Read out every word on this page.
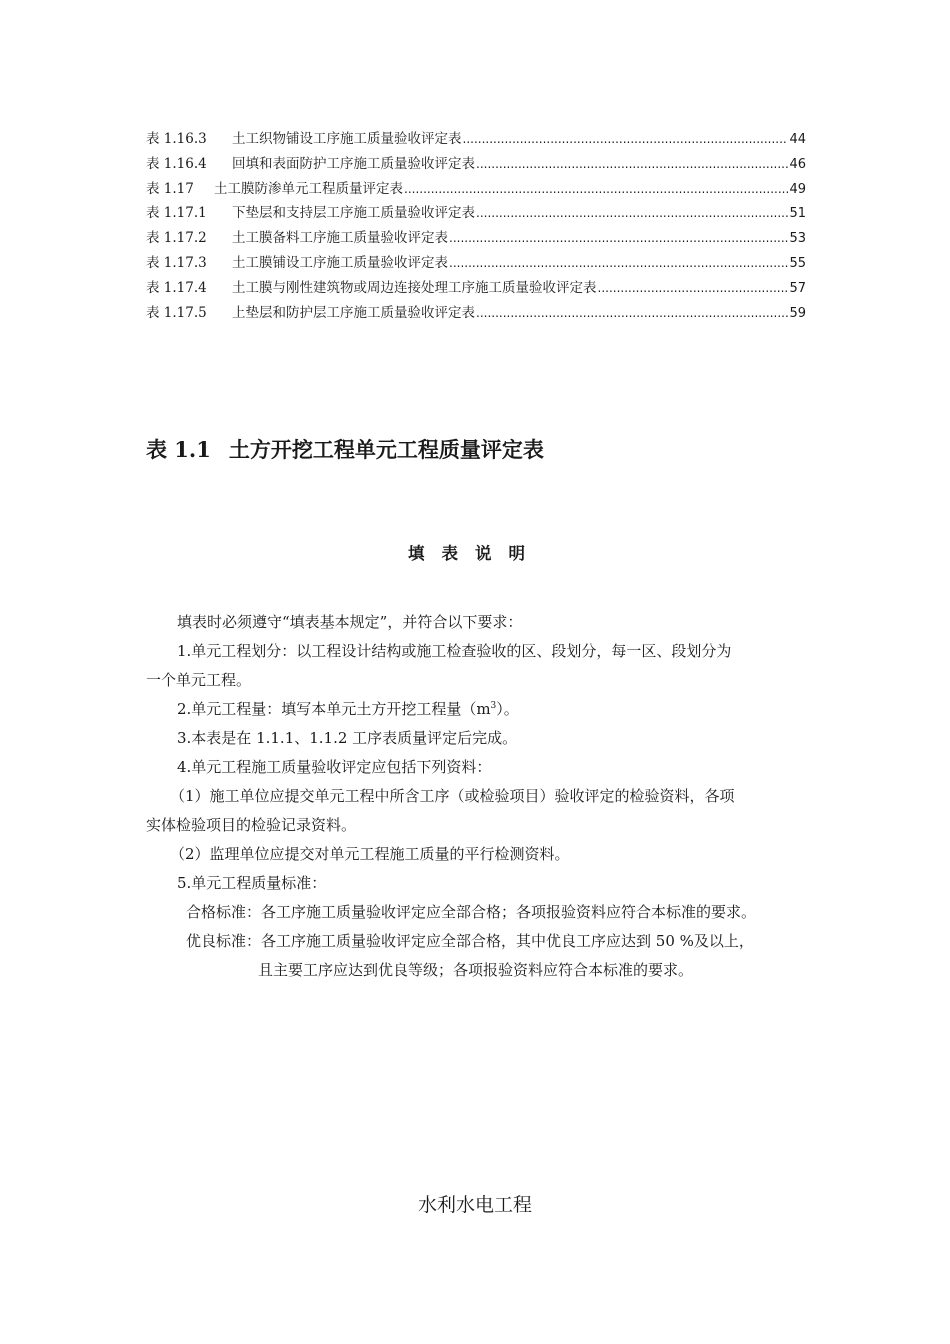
表 1.16.3	土工织物铺设工序施工质量验收评定表 .....	44
表 1.16.4	回填和表面防护工序施工质量验收评定表 .....	46
表 1.17	土工膜防渗单元工程质量评定表 .....	49
表 1.17.1	下垫层和支持层工序施工质量验收评定表 .....	51
表 1.17.2	土工膜备料工序施工质量验收评定表 .....	53
表 1.17.3	土工膜铺设工序施工质量验收评定表 .....	55
表 1.17.4	土工膜与刚性建筑物或周边连接处理工序施工质量验收评定表 .....	57
表 1.17.5	上垫层和防护层工序施工质量验收评定表 .....	59
表 1.1 土方开挖工程单元工程质量评定表
填表说明
填表时必须遵守“填表基本规定”，并符合以下要求：
1.单元工程划分：以工程设计结构或施工检查验收的区、段划分，每一区、段划分为
一个单元工程。
2.单元工程量：填写本单元土方开挖工程量$(m^3)$。
3.本表是在 1.1.1、1.1.2 工序表质量评定后完成。
4.单元工程施工质量验收评定应包括下列资料：
（1）施工单位应提交单元工程中所含工序（或检验项目）验收评定的检验资料，各项
实体检验项目的检验记录资料。
（2）监理单位应提交对单元工程施工质量的平行检测资料。
5.单元工程质量标准：
合格标准：各工序施工质量验收评定应全部合格；各项报验资料应符合本标准的要求。
优良标准：各工序施工质量验收评定应全部合格，其中优良工序应达到 50 %及以上，
且主要工序应达到优良等级；各项报验资料应符合本标准的要求。
水利水电工程
